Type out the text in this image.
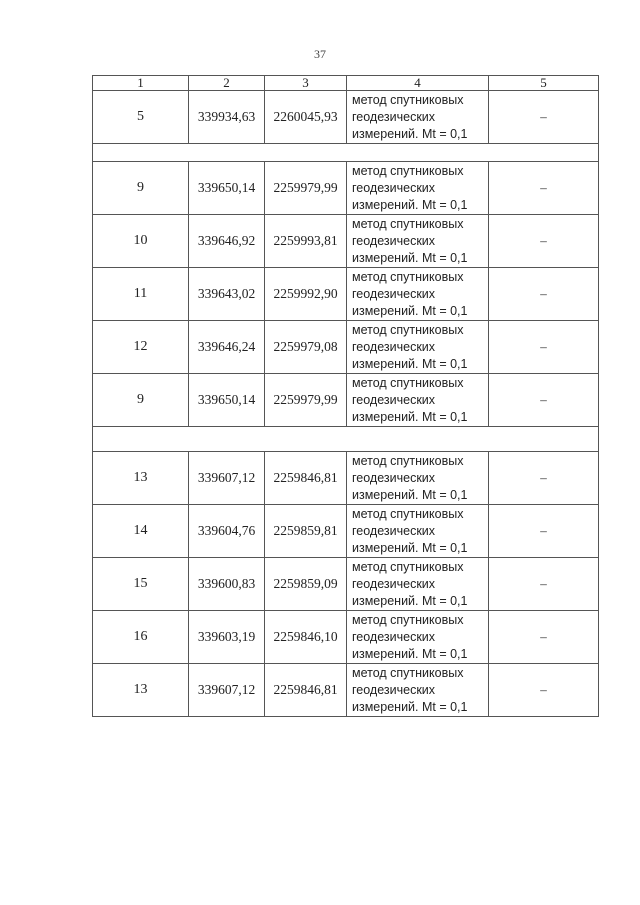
37
1	2	3	4	5
5	339934,63	2260045,93	метод спутниковых
геодезических
измерений. Mt = 0,1	–

9	339650,14	2259979,99	метод спутниковых
геодезических
измерений. Mt = 0,1	–
10	339646,92	2259993,81	метод спутниковых
геодезических
измерений. Mt = 0,1	–
11	339643,02	2259992,90	метод спутниковых
геодезических
измерений. Mt = 0,1	–
12	339646,24	2259979,08	метод спутниковых
геодезических
измерений. Mt = 0,1	–
9	339650,14	2259979,99	метод спутниковых
геодезических
измерений. Mt = 0,1	–

13	339607,12	2259846,81	метод спутниковых
геодезических
измерений. Mt = 0,1	–
14	339604,76	2259859,81	метод спутниковых
геодезических
измерений. Mt = 0,1	–
15	339600,83	2259859,09	метод спутниковых
геодезических
измерений. Mt = 0,1	–
16	339603,19	2259846,10	метод спутниковых
геодезических
измерений. Mt = 0,1	–
13	339607,12	2259846,81	метод спутниковых
геодезических
измерений. Mt = 0,1	–
